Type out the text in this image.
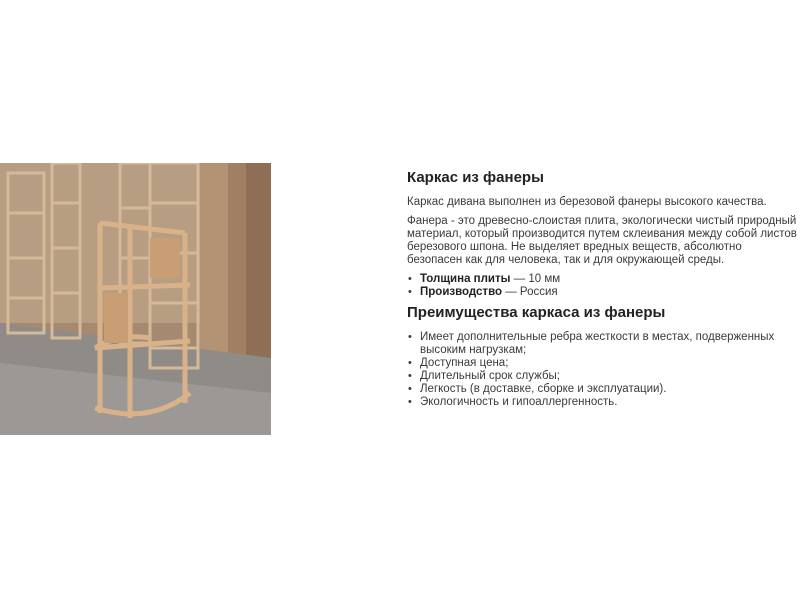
Каркас из фанеры

Каркас дивана выполнен из березовой фанеры высокого качества.

Фанера - это древесно-слоистая плита, экологически чистый природный материал, который производится путем склеивания между собой листов березового шпона. Не выделяет вредных веществ, абсолютно безопасен как для человека, так и для окружающей среды.

• Толщина плиты — 10 мм
• Производство — Россия
Преимущества каркаса из фанеры
• Имеет дополнительные ребра жесткости в местах, подверженных высоким нагрузкам;
• Доступная цена;
• Длительный срок службы;
• Легкость (в доставке, сборке и эксплуатации).
• Экологичность и гипоаллергенность.
